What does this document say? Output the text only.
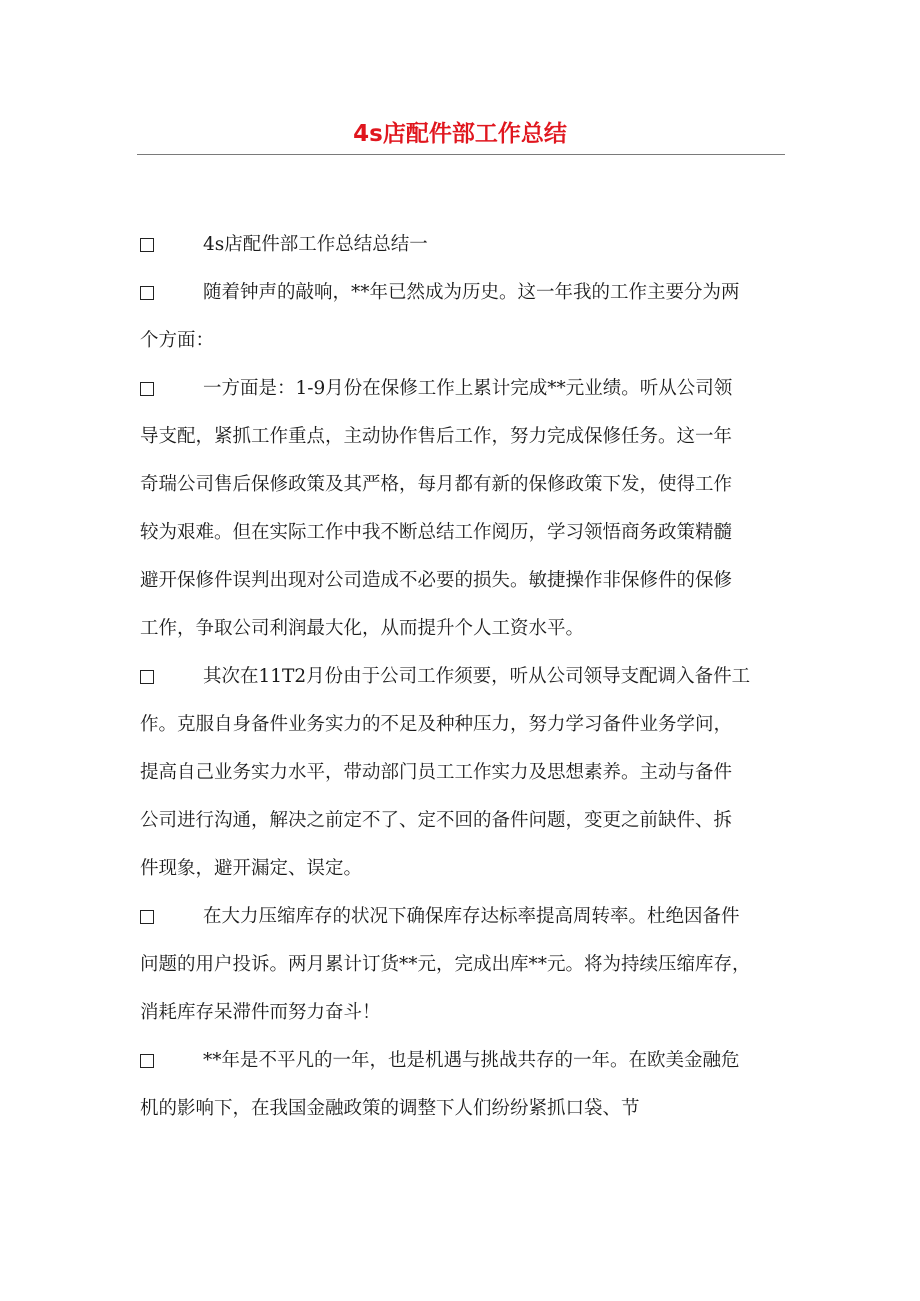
4s店配件部工作总结
4s店配件部工作总结总结一
随着钟声的敲响，**年已然成为历史。这一年我的工作主要分为两
个方面：
一方面是：1-9月份在保修工作上累计完成**元业绩。听从公司领
导支配，紧抓工作重点，主动协作售后工作，努力完成保修任务。这一年
奇瑞公司售后保修政策及其严格，每月都有新的保修政策下发，使得工作
较为艰难。但在实际工作中我不断总结工作阅历，学习领悟商务政策精髓
避开保修件误判出现对公司造成不必要的损失。敏捷操作非保修件的保修
工作，争取公司利润最大化，从而提升个人工资水平。
其次在11T2月份由于公司工作须要，听从公司领导支配调入备件工
作。克服自身备件业务实力的不足及种种压力，努力学习备件业务学问，
提高自己业务实力水平，带动部门员工工作实力及思想素养。主动与备件
公司进行沟通，解决之前定不了、定不回的备件问题，变更之前缺件、拆
件现象，避开漏定、误定。
在大力压缩库存的状况下确保库存达标率提高周转率。杜绝因备件
问题的用户投诉。两月累计订货**元，完成出库**元。将为持续压缩库存，
消耗库存呆滞件而努力奋斗！
**年是不平凡的一年，也是机遇与挑战共存的一年。在欧美金融危
机的影响下，在我国金融政策的调整下人们纷纷紧抓口袋、节
